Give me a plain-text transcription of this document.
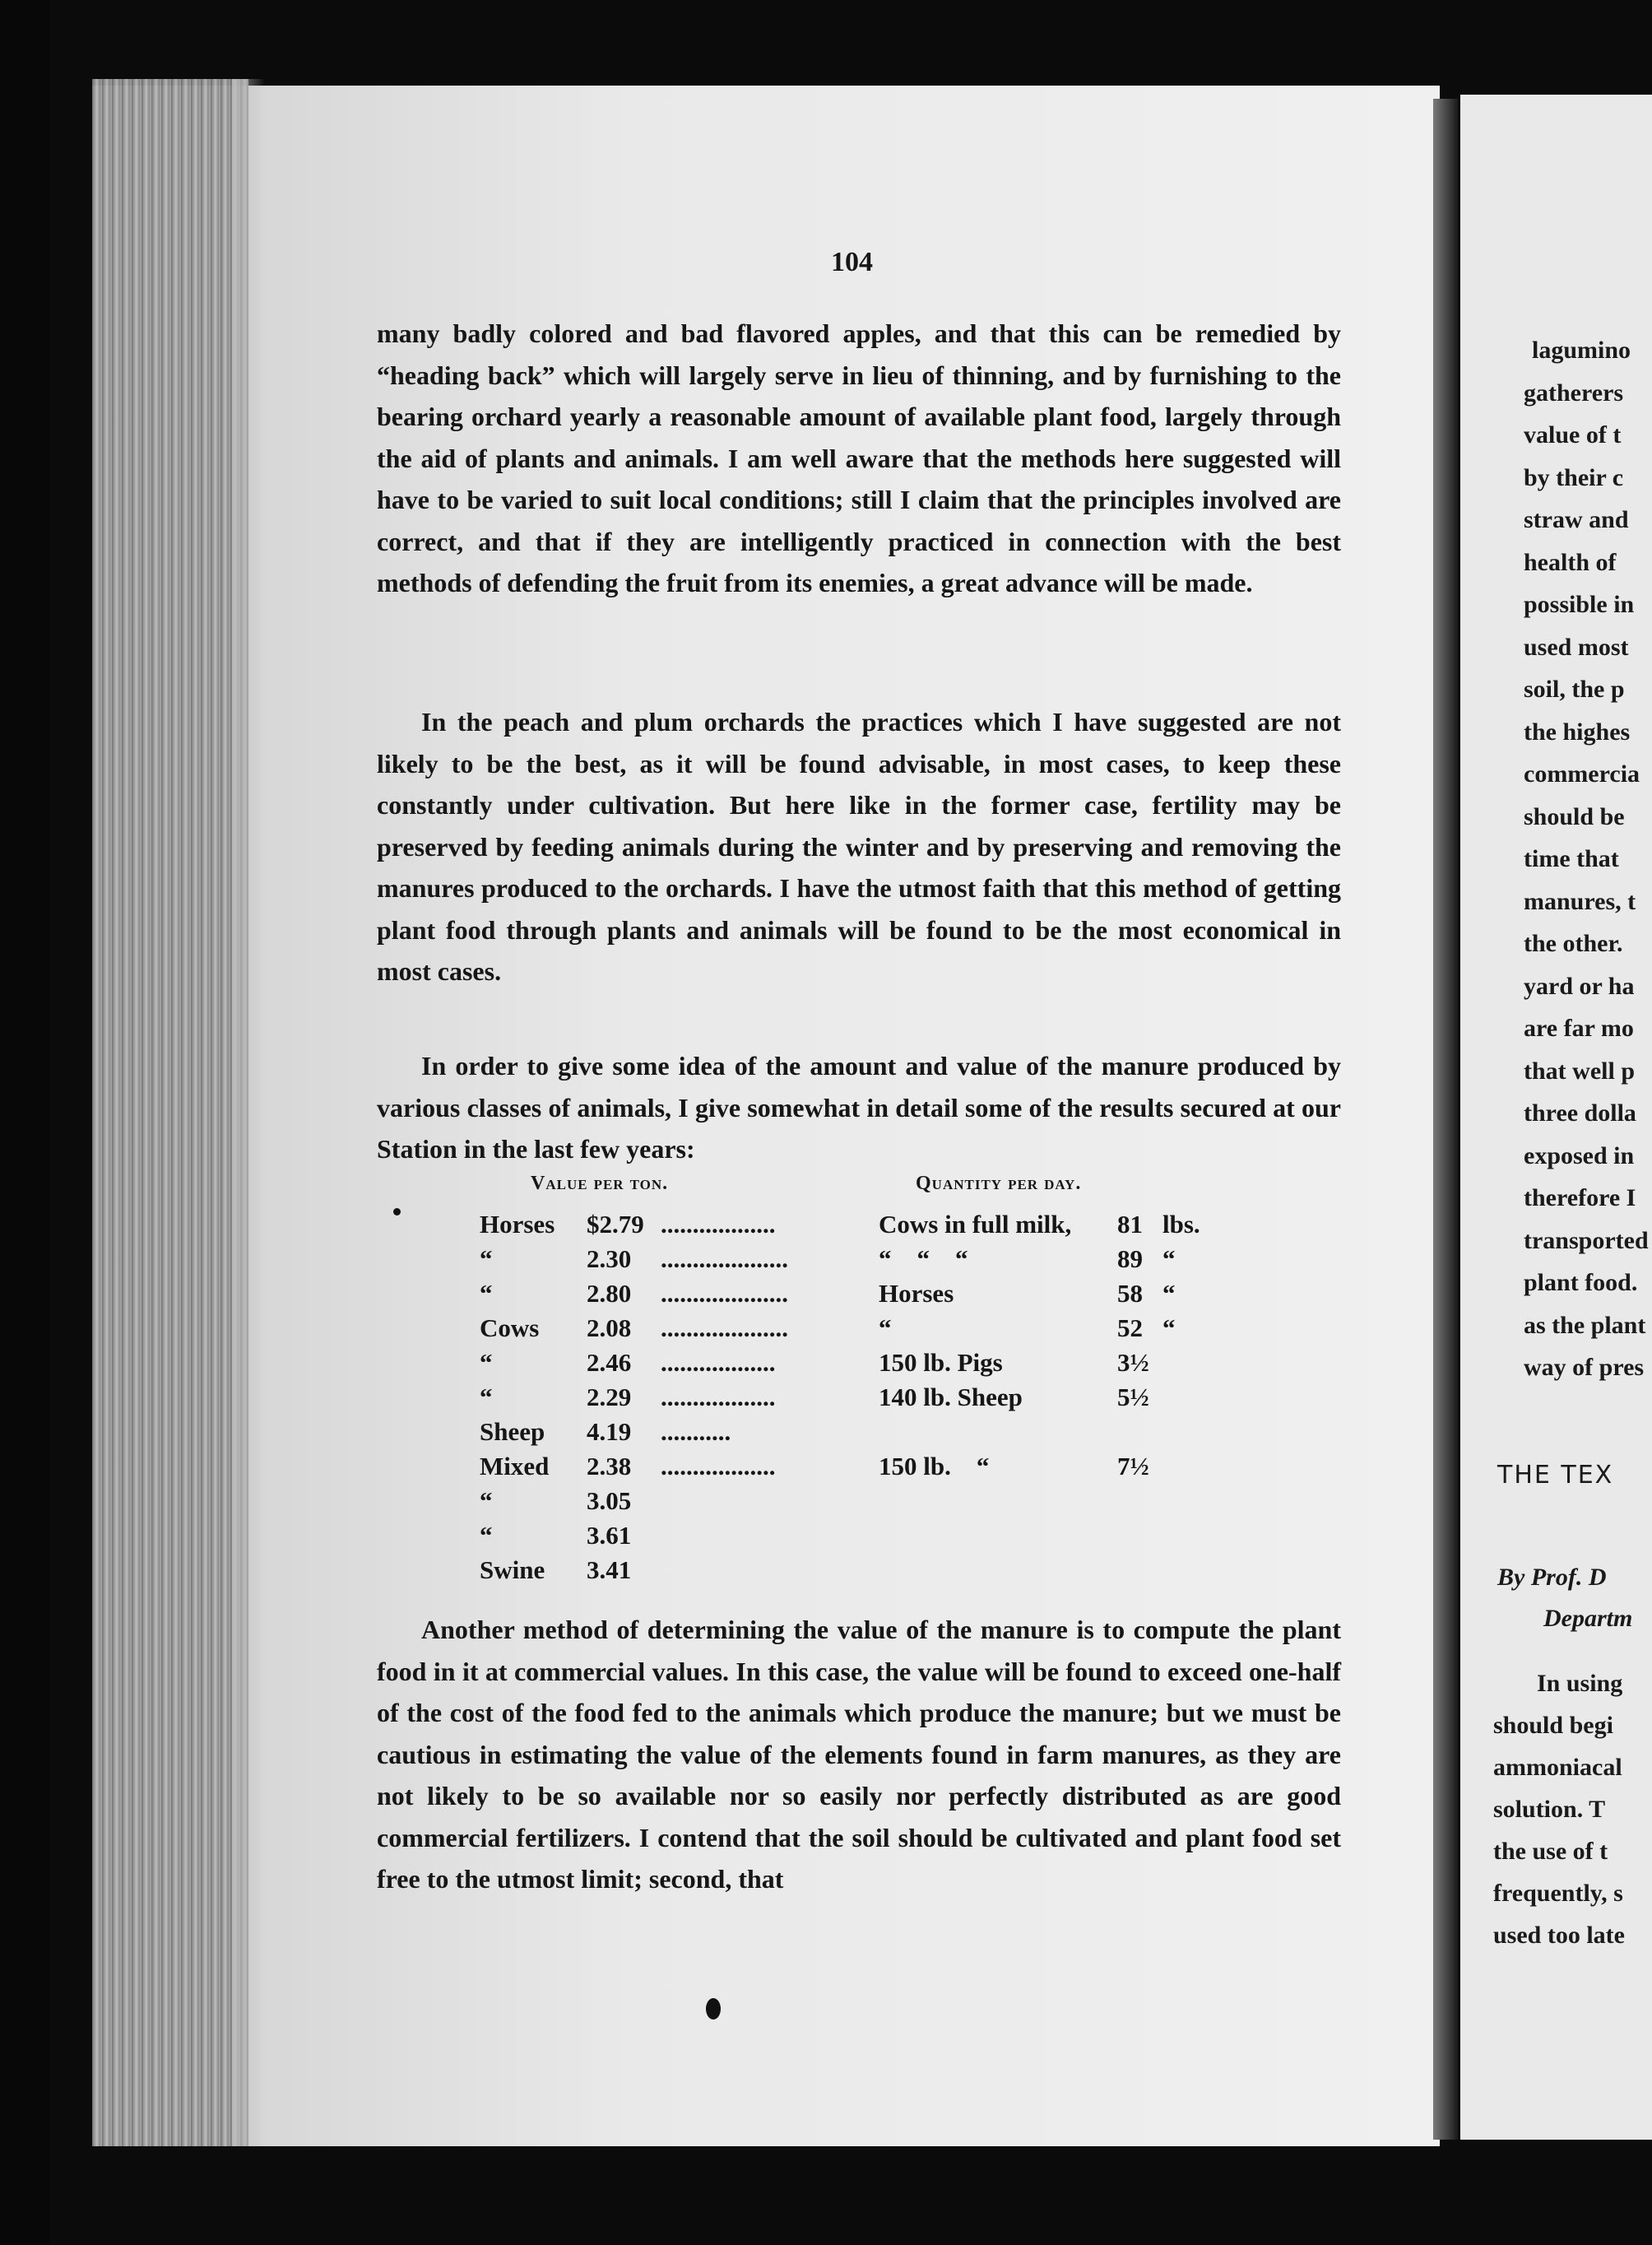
104

many badly colored and bad flavored apples, and that this can be remedied by “heading back” which will largely serve in lieu of thinning, and by furnishing to the bearing orchard yearly a reasonable amount of available plant food, largely through the aid of plants and animals. I am well aware that the methods here suggested will have to be varied to suit local conditions; still I claim that the principles involved are correct, and that if they are intelligently practiced in connection with the best methods of defending the fruit from its enemies, a great advance will be made.

In the peach and plum orchards the practices which I have suggested are not likely to be the best, as it will be found advisable, in most cases, to keep these constantly under cultivation. But here like in the former case, fertility may be preserved by feeding animals during the winter and by preserving and removing the manures produced to the orchards. I have the utmost faith that this method of getting plant food through plants and animals will be found to be the most economical in most cases.

In order to give some idea of the amount and value of the manure produced by various classes of animals, I give somewhat in detail some of the results secured at our Station in the last few years:

Value per ton.	Quantity per day.
Horses $2.79 ..................	Cows in full milk, 81 lbs.
“	2.30 ....................	“    “    “	89 “
“	2.80 ....................	Horses	58 “
Cows 2.08 ....................	“	52 “
“	2.46 ..................	150 lb. Pigs	3½
“	2.29 ..................	140 lb. Sheep	5½
Sheep 4.19 ...........
Mixed 2.38 ..................	150 lb.    “	7½
“	3.05
“	3.61
Swine 3.41

Another method of determining the value of the manure is to compute the plant food in it at commercial values. In this case, the value will be found to exceed one-half of the cost of the food fed to the animals which produce the manure; but we must be cautious in estimating the value of the elements found in farm manures, as they are not likely to be so available nor so easily nor perfectly distributed as are good commercial fertilizers. I contend that the soil should be cultivated and plant food set free to the utmost limit; second, that

lagumino
gatherers
value of t
by their c
straw and
health of
possible in
used most
soil, the p
the highes
commercia
should be
time that
manures, t
the other.
yard or ha
are far mo
that well p
three dolla
exposed in
therefore I
transported
plant food.
as the plant
way of pres
THE TEX
By Prof. D
Departm
In using
should begi
ammoniacal
solution. T
the use of t
frequently, s
used too late
